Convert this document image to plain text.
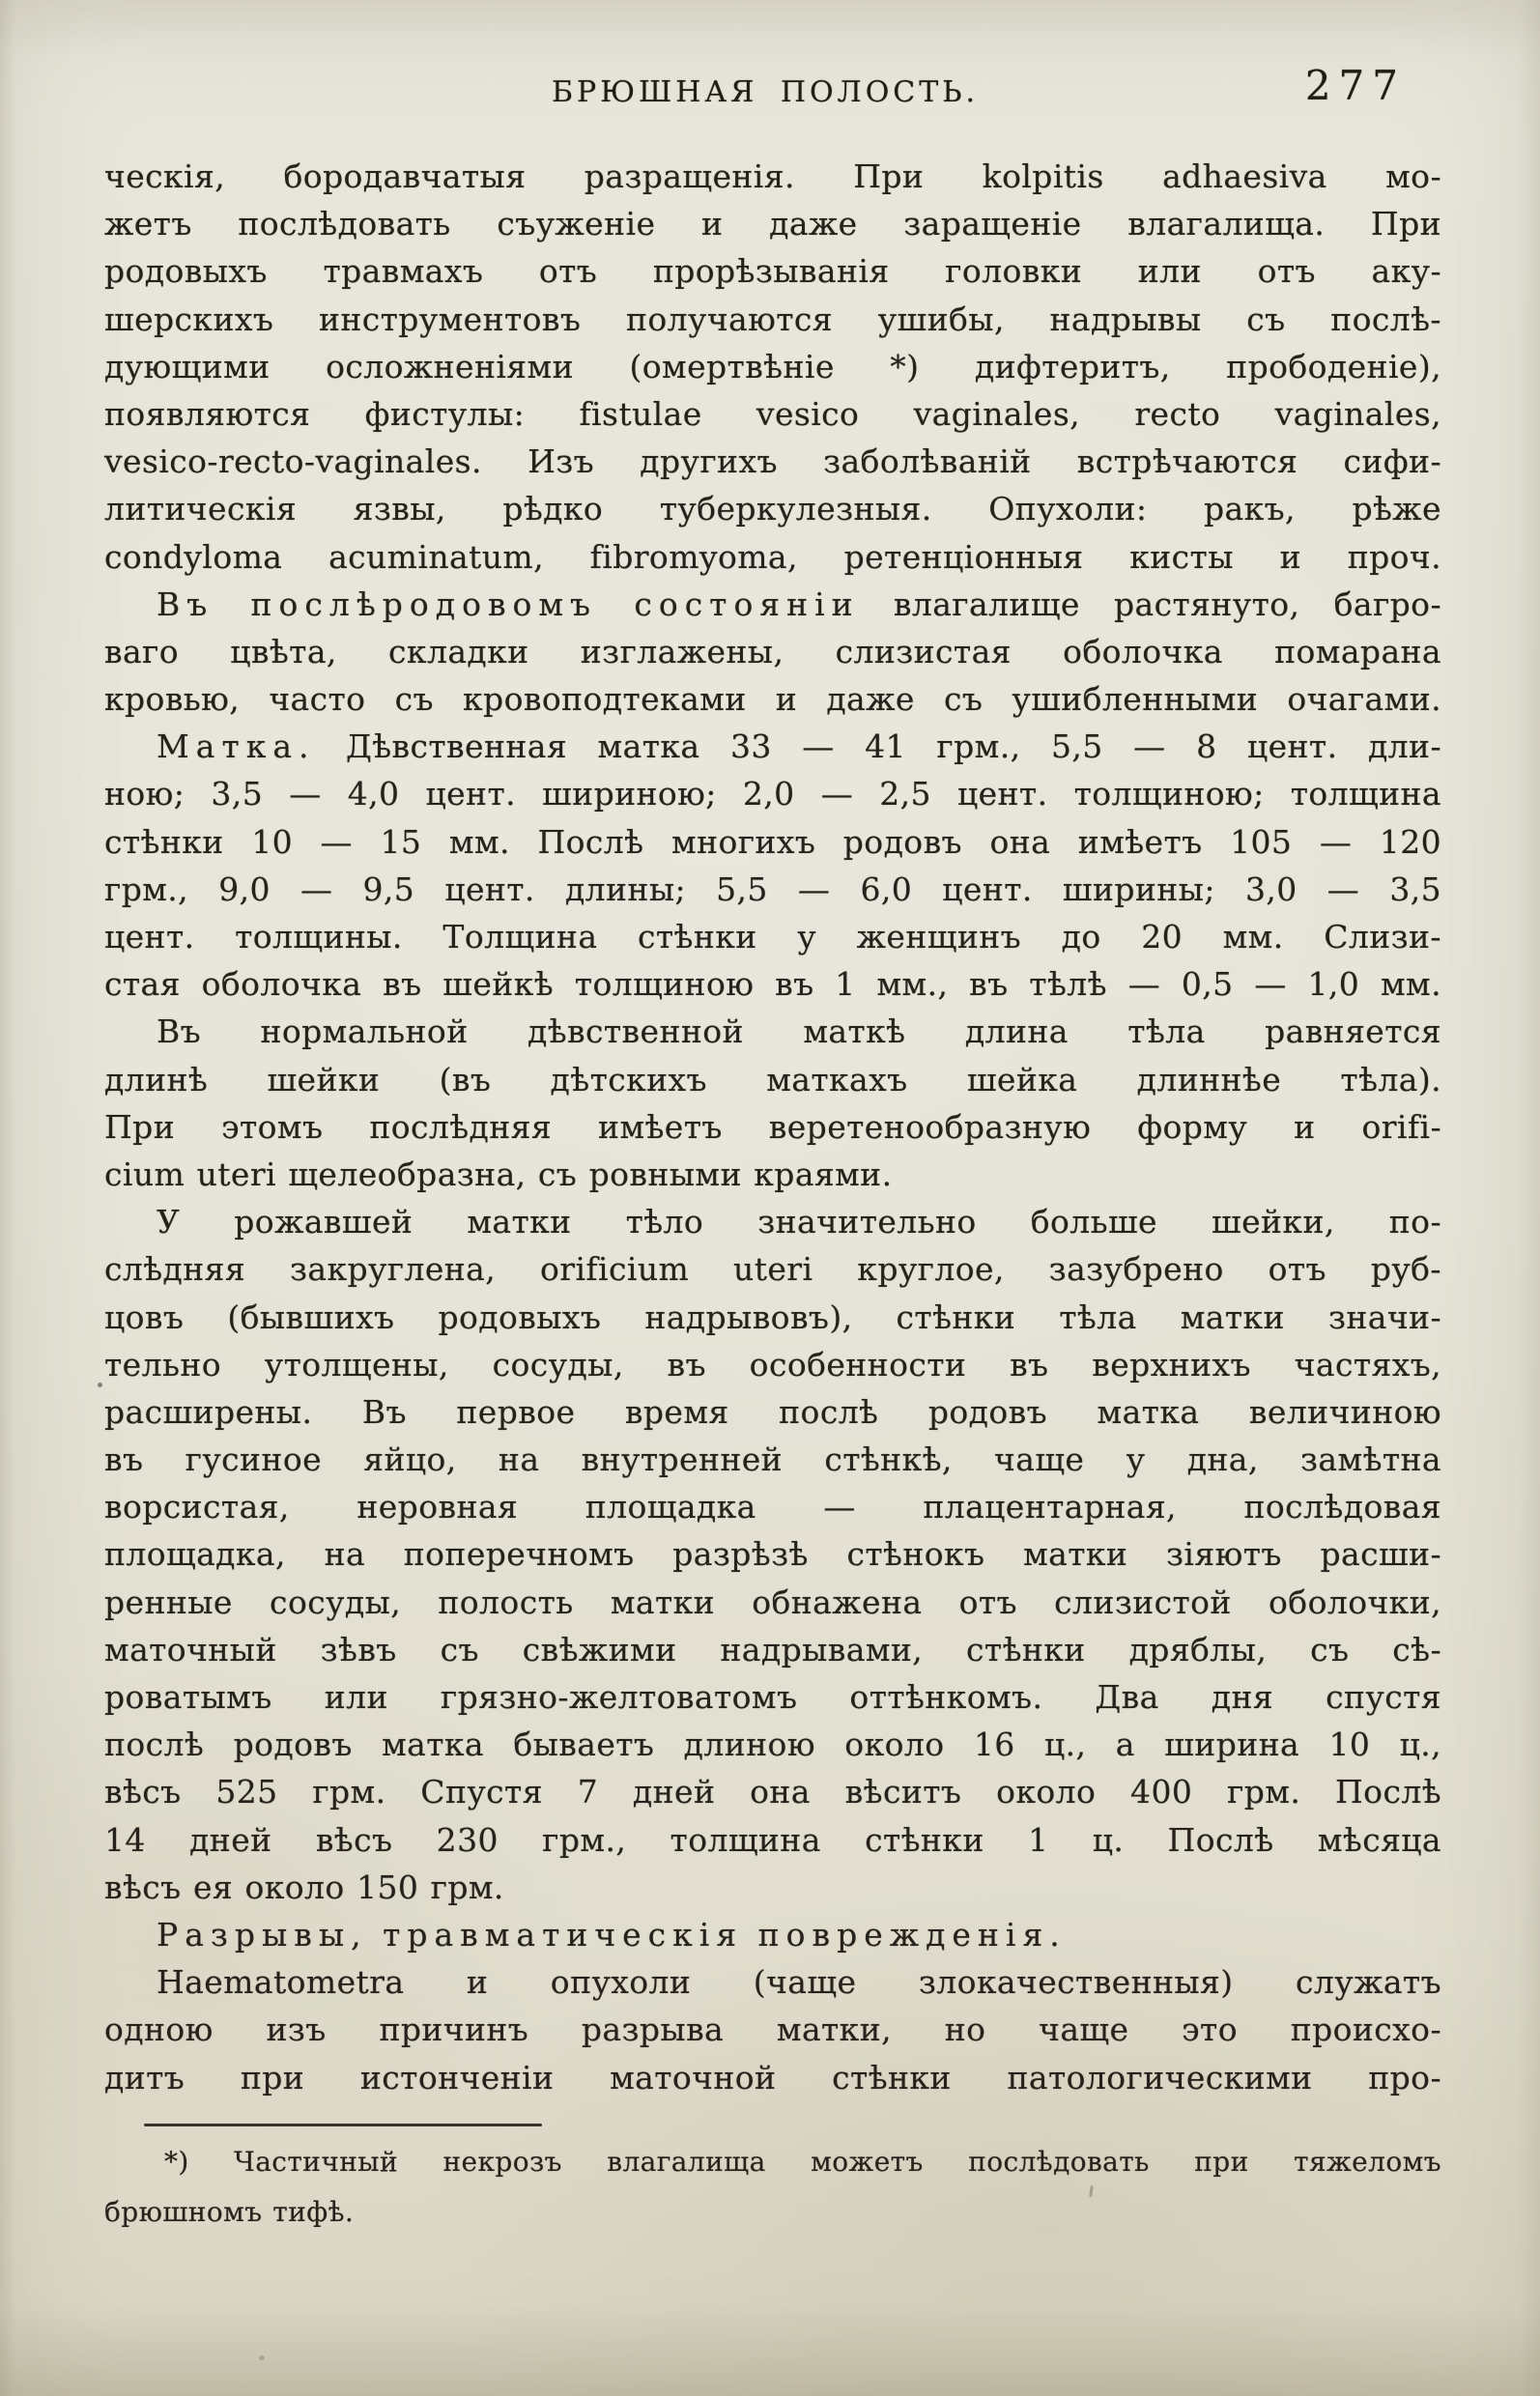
БРЮШНАЯ ПОЛОСТЬ.	277
ческія, бородавчатыя разращенія. При kolpitis adhaesiva мо-
жетъ послѣдовать съуженіе и даже заращеніе влагалища. При
родовыхъ травмахъ отъ прорѣзыванія головки или отъ аку-
шерскихъ инструментовъ получаются ушибы, надрывы съ послѣ-
дующими осложненіями (омертвѣніе *) дифтеритъ, прободеніе),
появляются фистулы: fistulae vesico vaginales, recto vaginales,
vesico-recto-vaginales. Изъ другихъ заболѣваній встрѣчаются сифи-
литическія язвы, рѣдко туберкулезныя. Опухоли: ракъ, рѣже
condyloma acuminatum, fibromyoma, ретенціонныя кисты и проч.
Въ послѣродовомъ состояніи влагалище растянуто, багро-
ваго цвѣта, складки изглажены, слизистая оболочка помарана
кровью, часто съ кровоподтеками и даже съ ушибленными очагами.
Матка. Дѣвственная матка 33 — 41 грм., 5,5 — 8 цент. дли-
ною; 3,5 — 4,0 цент. шириною; 2,0 — 2,5 цент. толщиною; толщина
стѣнки 10 — 15 мм. Послѣ многихъ родовъ она имѣетъ 105 — 120
грм., 9,0 — 9,5 цент. длины; 5,5 — 6,0 цент. ширины; 3,0 — 3,5
цент. толщины. Толщина стѣнки у женщинъ до 20 мм. Слизи-
стая оболочка въ шейкѣ толщиною въ 1 мм., въ тѣлѣ — 0,5 — 1,0 мм.
Въ нормальной дѣвственной маткѣ длина тѣла равняется
длинѣ шейки (въ дѣтскихъ маткахъ шейка длиннѣе тѣла).
При этомъ послѣдняя имѣетъ веретенообразную форму и orifi-
cium uteri щелеобразна, съ ровными краями.
У рожавшей матки тѣло значительно больше шейки, по-
слѣдняя закруглена, orificium uteri круглое, зазубрено отъ руб-
цовъ (бывшихъ родовыхъ надрывовъ), стѣнки тѣла матки значи-
тельно утолщены, сосуды, въ особенности въ верхнихъ частяхъ,
расширены. Въ первое время послѣ родовъ матка величиною
въ гусиное яйцо, на внутренней стѣнкѣ, чаще у дна, замѣтна
ворсистая, неровная площадка — плацентарная, послѣдовая
площадка, на поперечномъ разрѣзѣ стѣнокъ матки зіяютъ расши-
ренные сосуды, полость матки обнажена отъ слизистой оболочки,
маточный зѣвъ съ свѣжими надрывами, стѣнки дряблы, съ сѣ-
роватымъ или грязно-желтоватомъ оттѣнкомъ. Два дня спустя
послѣ родовъ матка бываетъ длиною около 16 ц., а ширина 10 ц.,
вѣсъ 525 грм. Спустя 7 дней она вѣситъ около 400 грм. Послѣ
14 дней вѣсъ 230 грм., толщина стѣнки 1 ц. Послѣ мѣсяца
вѣсъ ея около 150 грм.
Разрывы, травматическія поврежденія.
Haematometra и опухоли (чаще злокачественныя) служатъ
одною изъ причинъ разрыва матки, но чаще это происхо-
дитъ при истонченіи маточной стѣнки патологическими про-
*) Частичный некрозъ влагалища можетъ послѣдовать при тяжеломъ
брюшномъ тифѣ.
